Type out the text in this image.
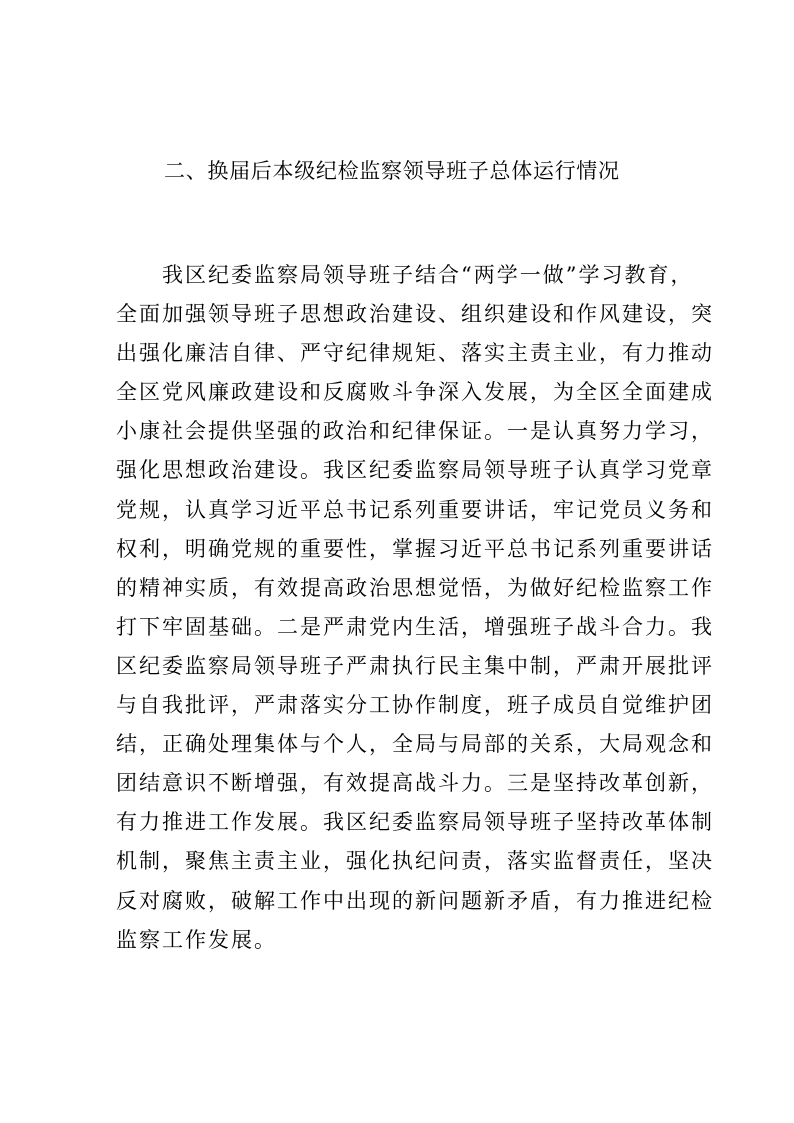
二、换届后本级纪检监察领导班子总体运行情况
我区纪委监察局领导班子结合“两学一做”学习教育，
全面加强领导班子思想政治建设、组织建设和作风建设，突
出强化廉洁自律、严守纪律规矩、落实主责主业，有力推动
全区党风廉政建设和反腐败斗争深入发展，为全区全面建成
小康社会提供坚强的政治和纪律保证。一是认真努力学习，
强化思想政治建设。我区纪委监察局领导班子认真学习党章
党规，认真学习近平总书记系列重要讲话，牢记党员义务和
权利，明确党规的重要性，掌握习近平总书记系列重要讲话
的精神实质，有效提高政治思想觉悟，为做好纪检监察工作
打下牢固基础。二是严肃党内生活，增强班子战斗合力。我
区纪委监察局领导班子严肃执行民主集中制，严肃开展批评
与自我批评，严肃落实分工协作制度，班子成员自觉维护团
结，正确处理集体与个人，全局与局部的关系，大局观念和
团结意识不断增强，有效提高战斗力。三是坚持改革创新，
有力推进工作发展。我区纪委监察局领导班子坚持改革体制
机制，聚焦主责主业，强化执纪问责，落实监督责任，坚决
反对腐败，破解工作中出现的新问题新矛盾，有力推进纪检
监察工作发展。
